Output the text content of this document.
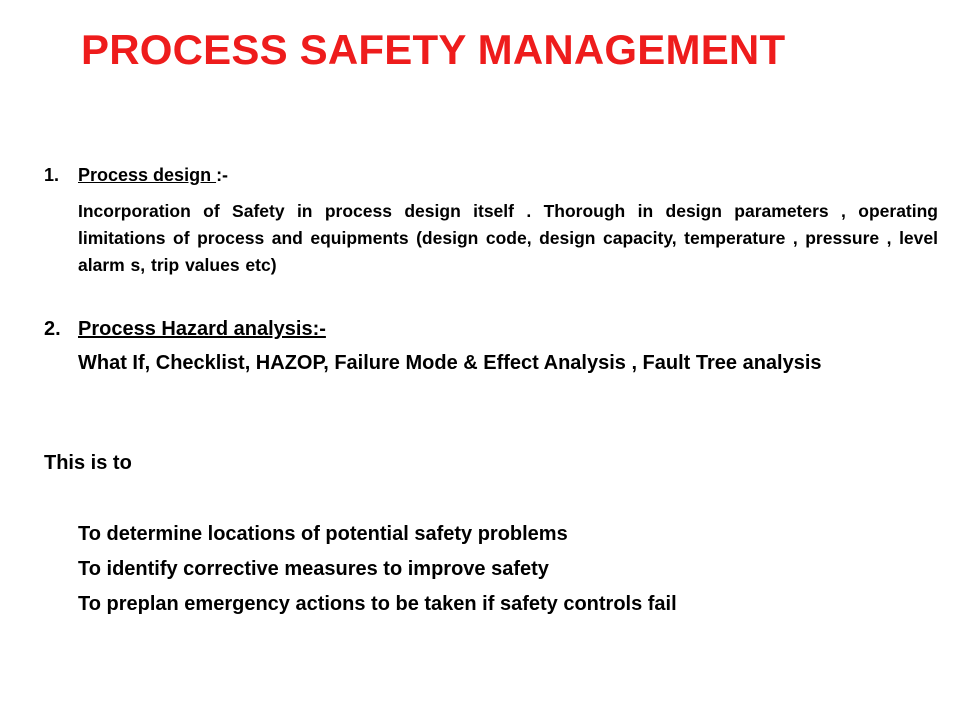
PROCESS SAFETY MANAGEMENT
1. Process design :-
Incorporation of Safety in process design itself . Thorough in design parameters , operating limitations of process and equipments (design code, design capacity, temperature , pressure , level alarm s, trip values etc)
2. Process Hazard analysis:-
What If, Checklist, HAZOP, Failure Mode & Effect Analysis , Fault Tree analysis
This is to
To determine locations of potential safety problems
To identify corrective measures to improve safety
To preplan emergency actions to be taken if safety controls fail
